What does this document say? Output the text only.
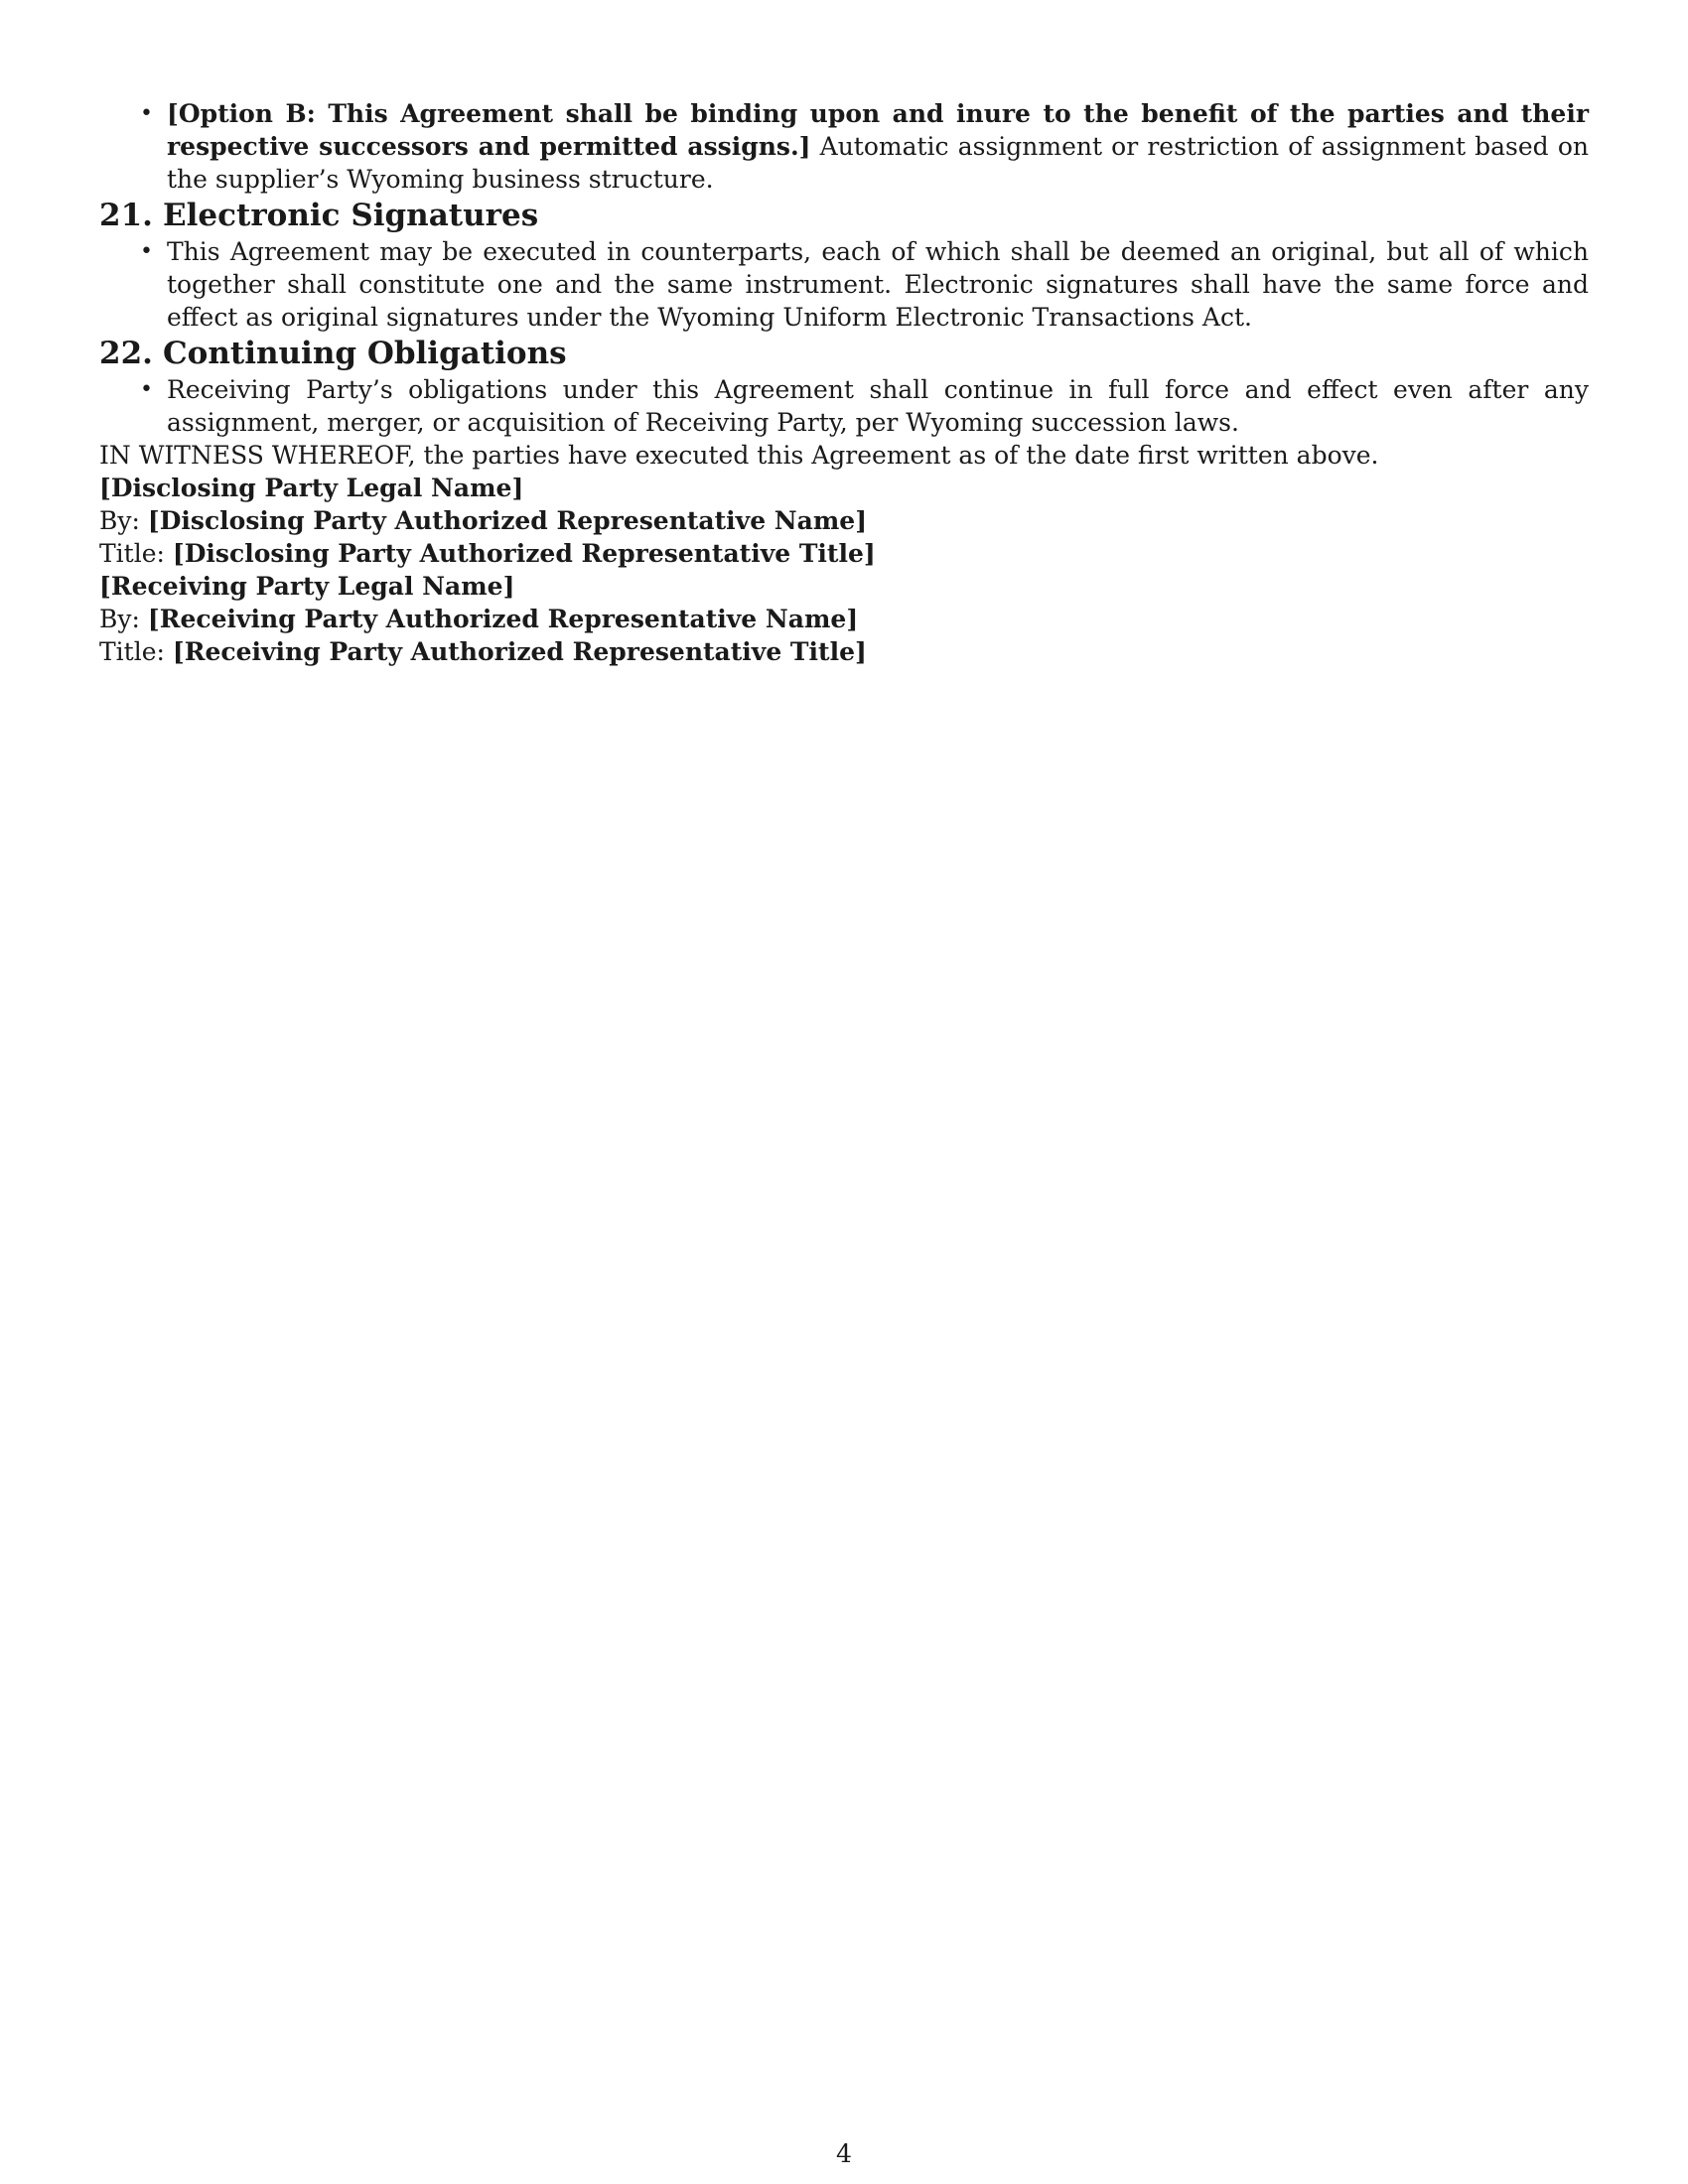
• [Option B: This Agreement shall be binding upon and inure to the benefit of the parties and their respective successors and permitted assigns.] Automatic assignment or restriction of assignment based on the supplier’s Wyoming business structure.
21. Electronic Signatures
• This Agreement may be executed in counterparts, each of which shall be deemed an original, but all of which together shall constitute one and the same instrument. Electronic signatures shall have the same force and effect as original signatures under the Wyoming Uniform Electronic Transactions Act.
22. Continuing Obligations
• Receiving Party’s obligations under this Agreement shall continue in full force and effect even after any assignment, merger, or acquisition of Receiving Party, per Wyoming succession laws.

IN WITNESS WHEREOF, the parties have executed this Agreement as of the date first written above.

[Disclosing Party Legal Name]

By: [Disclosing Party Authorized Representative Name]

Title: [Disclosing Party Authorized Representative Title]

[Receiving Party Legal Name]

By: [Receiving Party Authorized Representative Name]

Title: [Receiving Party Authorized Representative Title]

4
